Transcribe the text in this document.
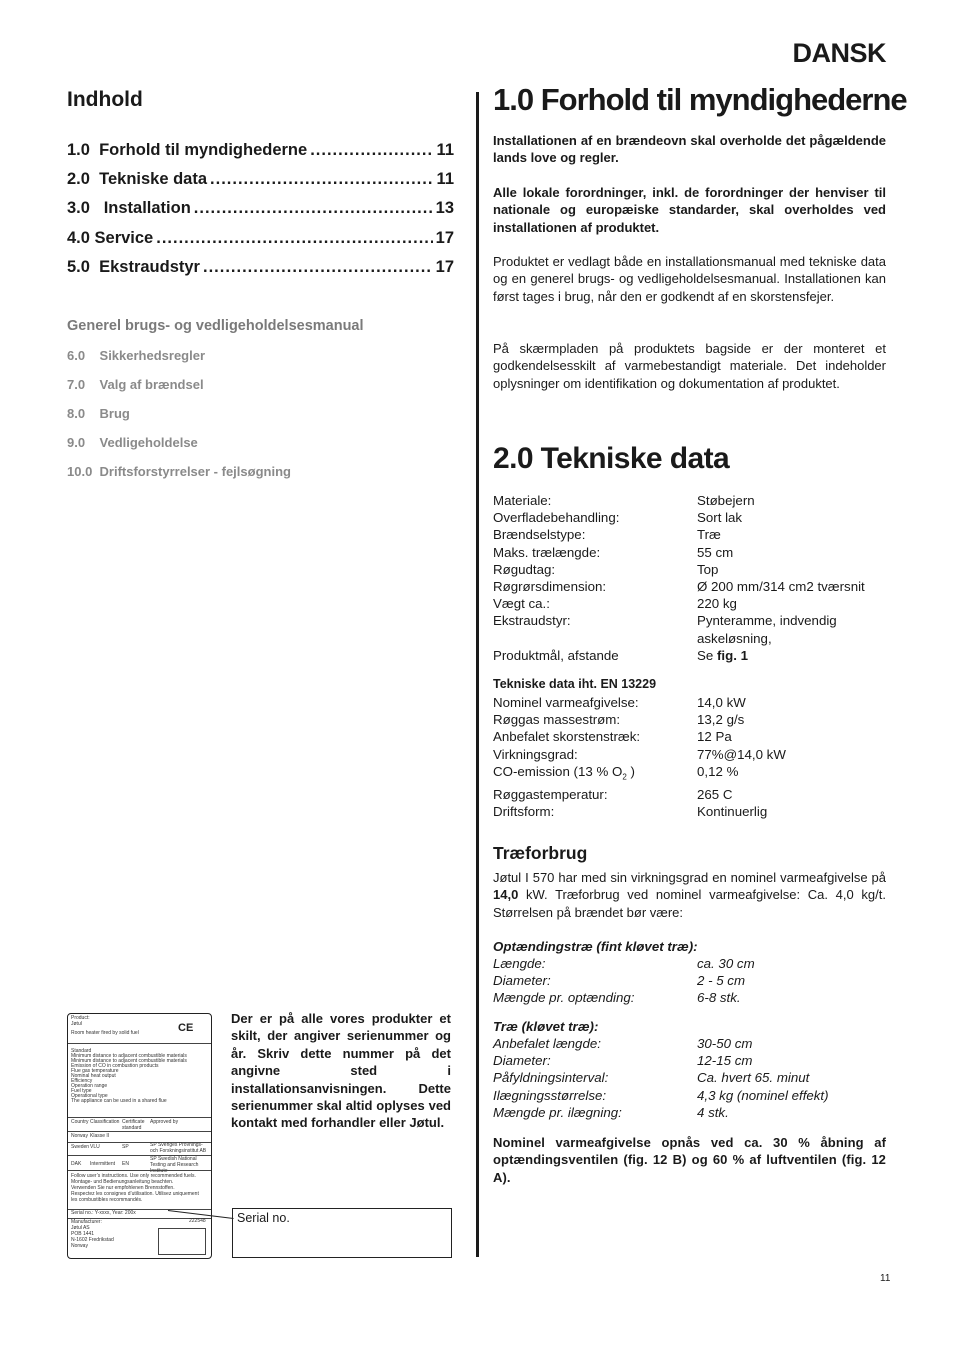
DANSK
Indhold
1.0  Forhold til myndighederne .....	11
2.0  Tekniske data .....	11
3.0   Installation .....	13
4.0 Service .....	17
5.0  Ekstraudstyr .....	17
Generel brugs- og vedligeholdelsesmanual
6.0    Sikkerhedsregler
7.0    Valg af brændsel
8.0    Brug
9.0    Vedligeholdelse
10.0  Driftsforstyrrelser - fejlsøgning
Product:
Jøtul
Room heater fired by solid fuel	CE
Standard
Minimum distance to adjacent combustible materials
Minimum distance to adjacent combustible materials
Emission of CO in combustion products
Flue gas temperature
Nominal heat output
Efficiency
Operation range
Fuel type
Operational type
The appliance can be used in a shared flue
Country Classification Certificate standard
Approved by
Norway Klasse II
Sweden VLU	SP	SP Sveriges Provnings- och Forskningsinstitut AB
DAK Intermittent EN
SP Swedish National Testing and Research
Follow user’s instructions. Use only recommended fuels.
Montage- und Bedienungsanleitung beachten.
Verwenden Sie nur empfohlenen Brennstoffen.
Respectez les consignes d’utilisation. Utilisez uniquement
les combustibles recommandés.
Serial no.: Y-xxxx, Year: 200x
222548
Manufacturer:
Jøtul AS
POB 1441
N-1602 Fredrikstad
Norway
Der er på alle vores produkter et skilt, der angiver serienummer og år. Skriv dette nummer på det angivne sted i installationsanvisningen. Dette serienummer skal altid oplyses ved kontakt med forhandler eller Jøtul.
Serial no.
1.0 Forhold til myndighederne
Installationen af en brændeovn skal overholde det pågældende lands love og regler.
Alle lokale forordninger, inkl. de forordninger der henviser til nationale og europæiske standarder, skal overholdes ved installationen af produktet.
Produktet er vedlagt både en installationsmanual med tekniske data og en generel brugs- og vedligeholdelsesmanual. Installationen kan først tages i brug, når den er godkendt af en skorstensfejer.
På skærmpladen på produktets bagside er der monteret et godkendelsesskilt af varmebestandigt materiale. Det indeholder oplysninger om identifikation og dokumentation af produktet.
2.0 Tekniske data
Materiale:	Støbejern
Overfladebehandling:	Sort lak
Brændselstype:	Træ
Maks. trælængde:	55 cm
Røgudtag:	Top
Røgrørsdimension:	Ø 200 mm/314 cm2 tværsnit
Vægt ca.:	220 kg
Ekstraudstyr:	Pynteramme, indvendig askeløsning,
Produktmål, afstande	Se fig. 1
Tekniske data iht. EN 13229
Nominel varmeafgivelse:	14,0 kW
Røggas massestrøm:	13,2 g/s
Anbefalet skorstenstræk:	12 Pa
Virkningsgrad:	77%@14,0 kW
CO-emission (13 % $O_2$ )	0,12 %
Røggastemperatur:	265 C
Driftsform:	Kontinuerlig
Træforbrug
Jøtul I 570 har med sin virkningsgrad en nominel varmeafgivelse på 14,0 kW. Træforbrug ved nominel varmeafgivelse: Ca. 4,0 kg/t. Størrelsen på brændet bør være:
Optændingstræ (fint kløvet træ):
Længde:	ca. 30 cm
Diameter:	2 - 5 cm
Mængde pr. optænding:	6-8 stk.
Træ (kløvet træ):
Anbefalet længde:	30-50 cm
Diameter:	12-15 cm
Påfyldningsinterval:	Ca. hvert 65. minut
Ilægningsstørrelse:	4,3 kg (nominel effekt)
Mængde pr. ilægning:	4 stk.
Nominel varmeafgivelse opnås ved ca. 30 % åbning af optændingsventilen (fig. 12 B) og 60 % af luftventilen (fig. 12 A).
11
